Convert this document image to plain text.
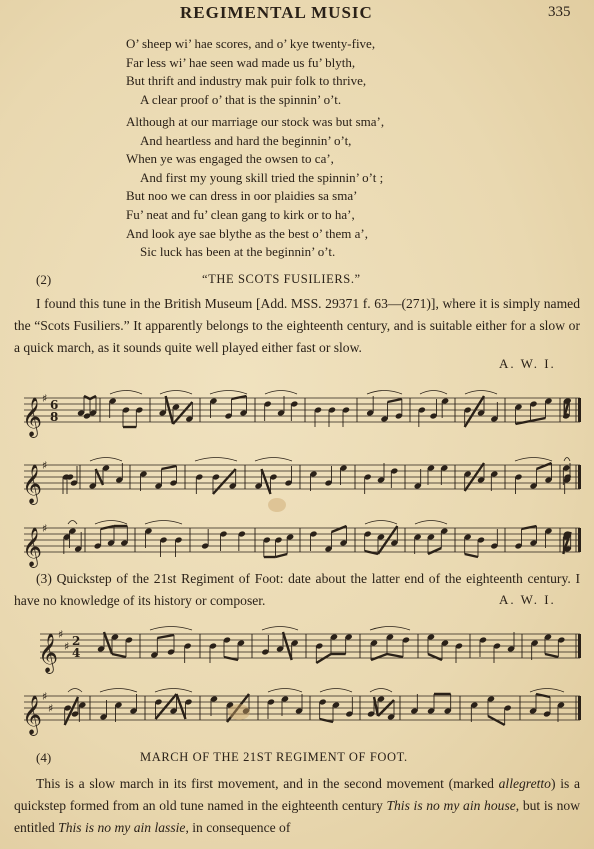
REGIMENTAL MUSIC	335
O’ sheep wi’ hae scores, and o’ kye twenty-five,
Far less wi’ hae seen wad made us fu’ blyth,
But thrift and industry mak puir folk to thrive,
A clear proof o’ that is the spinnin’ o’t.
Although at our marriage our stock was but sma’,
And heartless and hard the beginnin’ o’t,
When ye was engaged the owsen to ca’,
And first my young skill tried the spinnin’ o’t ;
But noo we can dress in oor plaidies sa sma’
Fu’ neat and fu’ clean gang to kirk or to ha’,
And look aye sae blythe as the best o’ them a’,
Sic luck has been at the beginnin’ o’t.
(2)	“THE SCOTS FUSILIERS.”

I found this tune in the British Museum [Add. MSS. 29371 f. 63—(271)], where it is simply named the “Scots Fusiliers.” It apparently belongs to the eighteenth century, and is suitable either for a slow or a quick march, as it sounds quite well played either fast or slow.

A. W. I.
𝄞 ♯ 6
8
𝄞 ♯
𝄞 ♯

(3) Quickstep of the 21st Regiment of Foot: date about the latter end of the eighteenth century. I have no knowledge of its history or composer.	A. W. I.
𝄞 ♯
♯ 2
4
𝄞 ♯
♯
(4)	MARCH OF THE 21ST REGIMENT OF FOOT.

This is a slow march in its first movement, and in the second movement (marked allegretto) is a quickstep formed from an old tune named in the eighteenth century This is no my ain house, but is now entitled This is no my ain lassie, in consequence of
